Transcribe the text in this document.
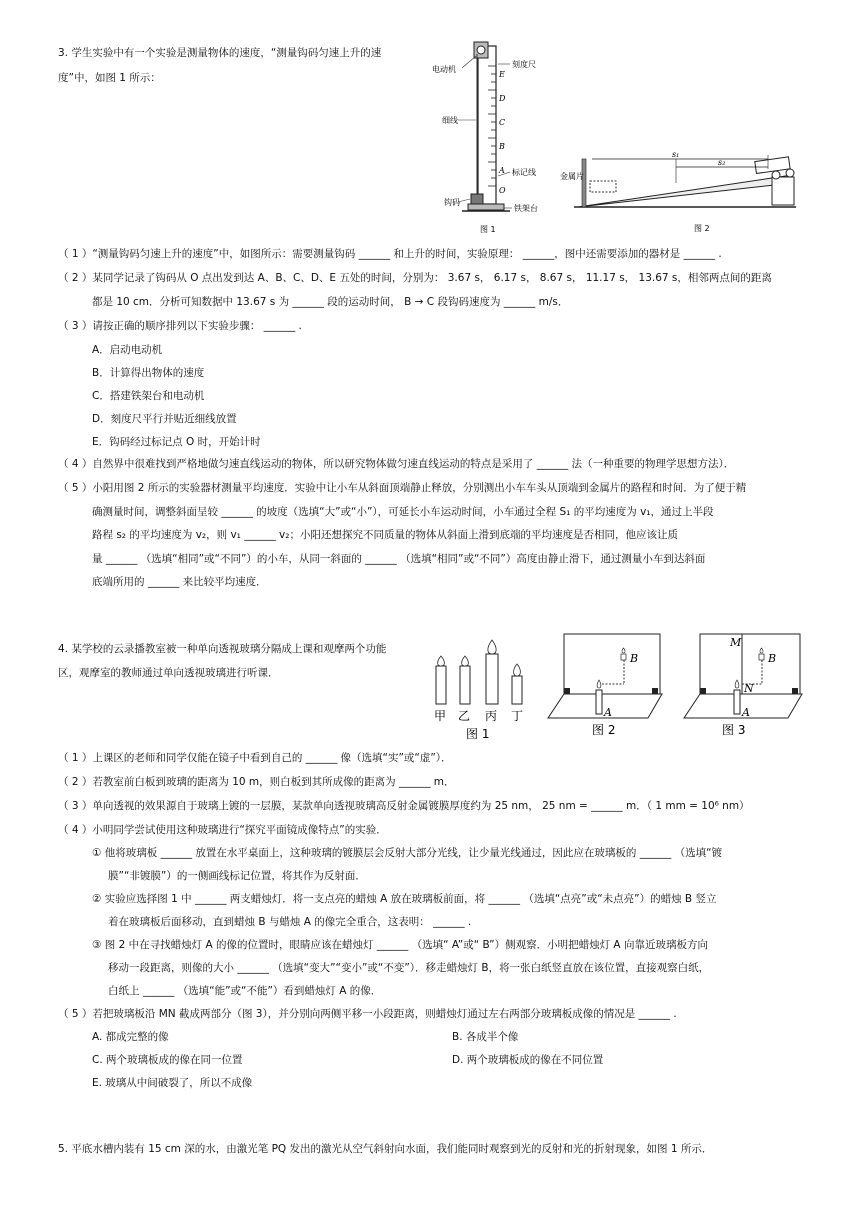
3. 学生实验中有一个实验是测量物体的速度，“测量钩码匀速上升的速
度”中，如图 1 所示：	E
D
C
B
A
O
电动机
刻度尺
细线
标记线
钩码
铁架台
图 1
s₁
s₂
金属片
图 2
（ 1 ）“测量钩码匀速上升的速度”中，如图所示：需要测量钩码 ______ 和上升的时间，实验原理： ______，图中还需要添加的器材是 ______ .
（ 2 ）某同学记录了钩码从 O 点出发到达 A、B、C、D、E 五处的时间，分别为： 3.67 s， 6.17 s， 8.67 s， 11.17 s， 13.67 s，相邻两点间的距离
都是 10 cm．分析可知数据中 13.67 s 为 ______ 段的运动时间， B → C 段钩码速度为 ______ m/s．
（ 3 ）请按正确的顺序排列以下实验步骤： ______ .
A．启动电动机
B．计算得出物体的速度
C．搭建铁架台和电动机
D．刻度尺平行并贴近细线放置
E．钩码经过标记点 O 时，开始计时
（ 4 ）自然界中很难找到严格地做匀速直线运动的物体，所以研究物体做匀速直线运动的特点是采用了 ______ 法（一种重要的物理学思想方法）．
（ 5 ）小阳用图 2 所示的实验器材测量平均速度．实验中让小车从斜面顶端静止释放，分别测出小车车头从顶端到金属片的路程和时间．为了便于精
确测量时间，调整斜面呈较 ______ 的坡度（选填“大”或“小”），可延长小车运动时间，小车通过全程 S₁ 的平均速度为 v₁，通过上半段
路程 s₂ 的平均速度为 v₂，则 v₁ ______ v₂；小阳还想探究不同质量的物体从斜面上滑到底端的平均速度是否相同，他应该让质
量 ______ （选填“相同”或“不同”）的小车，从同一斜面的 ______ （选填“相同”或“不同”）高度由静止滑下，通过测量小车到达斜面
底端所用的 ______ 来比较平均速度．
4. 某学校的云录播教室被一种单向透视玻璃分隔成上课和观摩两个功能
区，观摩室的教师通过单向透视玻璃进行听课．
甲 乙 丙 丁
图 1
B
A
图 2
M
N
B
A
图 3
（ 1 ）上课区的老师和同学仅能在镜子中看到自己的 ______ 像（选填“实”或“虚”）．
（ 2 ）若教室前白板到玻璃的距离为 10 m，则白板到其所成像的距离为 ______ m．
（ 3 ）单向透视的效果源自于玻璃上镀的一层膜，某款单向透视玻璃高反射金属镀膜厚度约为 25 nm， 25 nm = ______ m．（ 1 mm = 10⁶ nm）
（ 4 ）小明同学尝试使用这种玻璃进行“探究平面镜成像特点”的实验．
① 他将玻璃板 ______ 放置在水平桌面上，这种玻璃的镀膜层会反射大部分光线，让少量光线通过，因此应在玻璃板的 ______ （选填“镀
膜”“非镀膜”）的一侧画线标记位置，将其作为反射面．
② 实验应选择图 1 中 ______ 两支蜡烛灯．将一支点亮的蜡烛 A 放在玻璃板前面，将 ______ （选填“点亮”或“未点亮”）的蜡烛 B 竖立
着在玻璃板后面移动，直到蜡烛 B 与蜡烛 A 的像完全重合，这表明： ______ .
③ 图 2 中在寻找蜡烛灯 A 的像的位置时，眼睛应该在蜡烛灯 ______ （选填“ A”或“ B”）侧观察．小明把蜡烛灯 A 向靠近玻璃板方向
移动一段距离，则像的大小 ______ （选填“变大”“变小”或“不变”）．移走蜡烛灯 B，将一张白纸竖直放在该位置，直接观察白纸，
白纸上 ______ （选填“能”或“不能”）看到蜡烛灯 A 的像．
（ 5 ）若把玻璃板沿 MN 截成两部分（图 3），并分别向两侧平移一小段距离，则蜡烛灯通过左右两部分玻璃板成像的情况是 ______ .
A. 都成完整的像	B. 各成半个像
C. 两个玻璃板成的像在同一位置	D. 两个玻璃板成的像在不同位置
E. 玻璃从中间破裂了，所以不成像
5. 平底水槽内装有 15 cm 深的水，由激光笔 PQ 发出的激光从空气斜射向水面，我们能同时观察到光的反射和光的折射现象，如图 1 所示．
